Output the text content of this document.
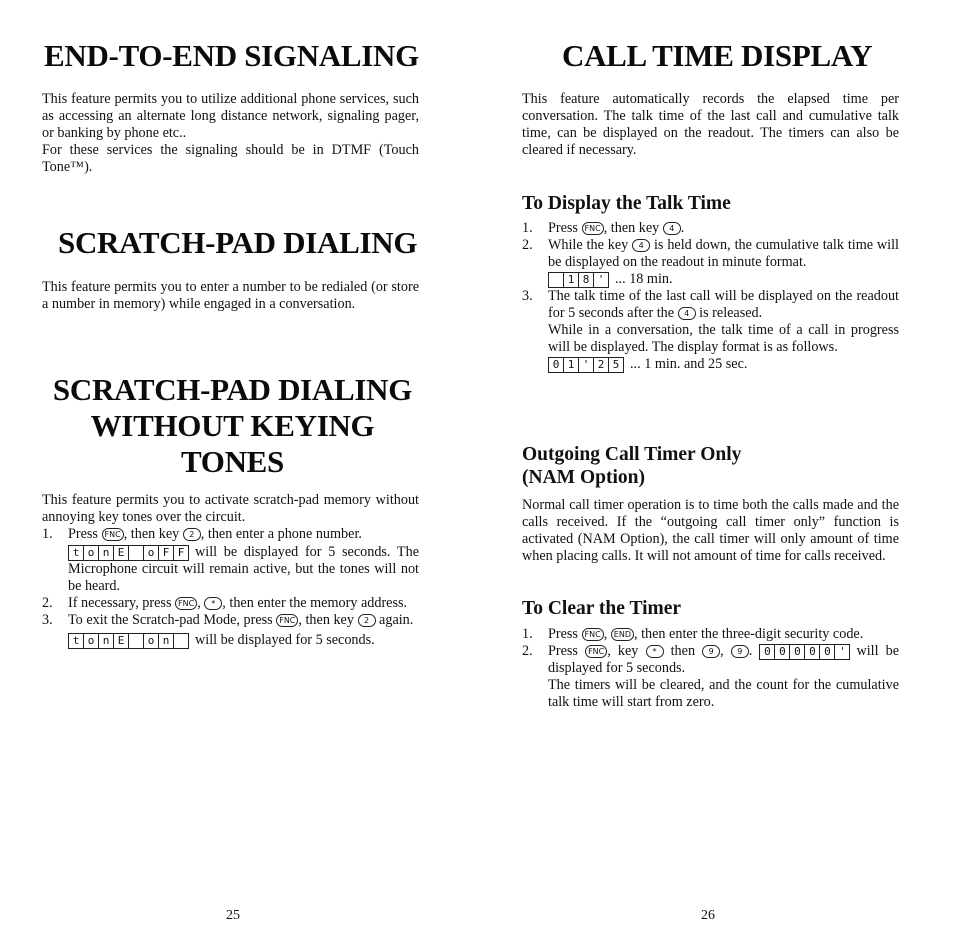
END-TO-END SIGNALING

This feature permits you to utilize additional phone services, such as accessing an alternate long distance network, signaling pager, or banking by phone etc..

For these services the signaling should be in DTMF (Touch Tone™).

SCRATCH-PAD DIALING

This feature permits you to enter a number to be redialed (or store a number in memory) while engaged in a conversation.

SCRATCH-PAD DIALING
WITHOUT KEYING
TONES

This feature permits you to activate scratch-pad memory without annoying key tones over the circuit.

1. Press FNC , then key 2 , then enter a phone number.
t o n E	o F F will be displayed for 5 seconds. The Microphone circuit will remain active, but the tones will not be heard.
2. If necessary, press FNC , * , then enter the memory address.
3. To exit the Scratch-pad Mode, press FNC , then key 2 again.
t o n E	o n	will be displayed for 5 seconds.
25
CALL TIME DISPLAY

This feature automatically records the elapsed time per conversation. The talk time of the last call and cumulative talk time, can be displayed on the readout. The timers can also be cleared if necessary.

To Display the Talk Time
1. Press FNC , then key 4 .
2. While the key 4 is held down, the cumulative talk time will be displayed on the readout in minute format.
1 8 ' ... 18 min.
3. The talk time of the last call will be displayed on the readout for 5 seconds after the 4 is released.
While in a conversation, the talk time of a call in progress will be displayed. The display format is as follows.
0 1 ' 2 5 ... 1 min. and 25 sec.
Outgoing Call Timer Only
(NAM Option)

Normal call timer operation is to time both the calls made and the calls received. If the “outgoing call timer only” function is activated (NAM Option), the call timer will only amount of time when placing calls. It will not amount of time for calls received.

To Clear the Timer
1. Press FNC , END , then enter the three-digit security code.
2. Press FNC , key * then 9 , 9 . 0 0 0 0 0 ' will be displayed for 5 seconds.
The timers will be cleared, and the count for the cumulative talk time will start from zero.
26
